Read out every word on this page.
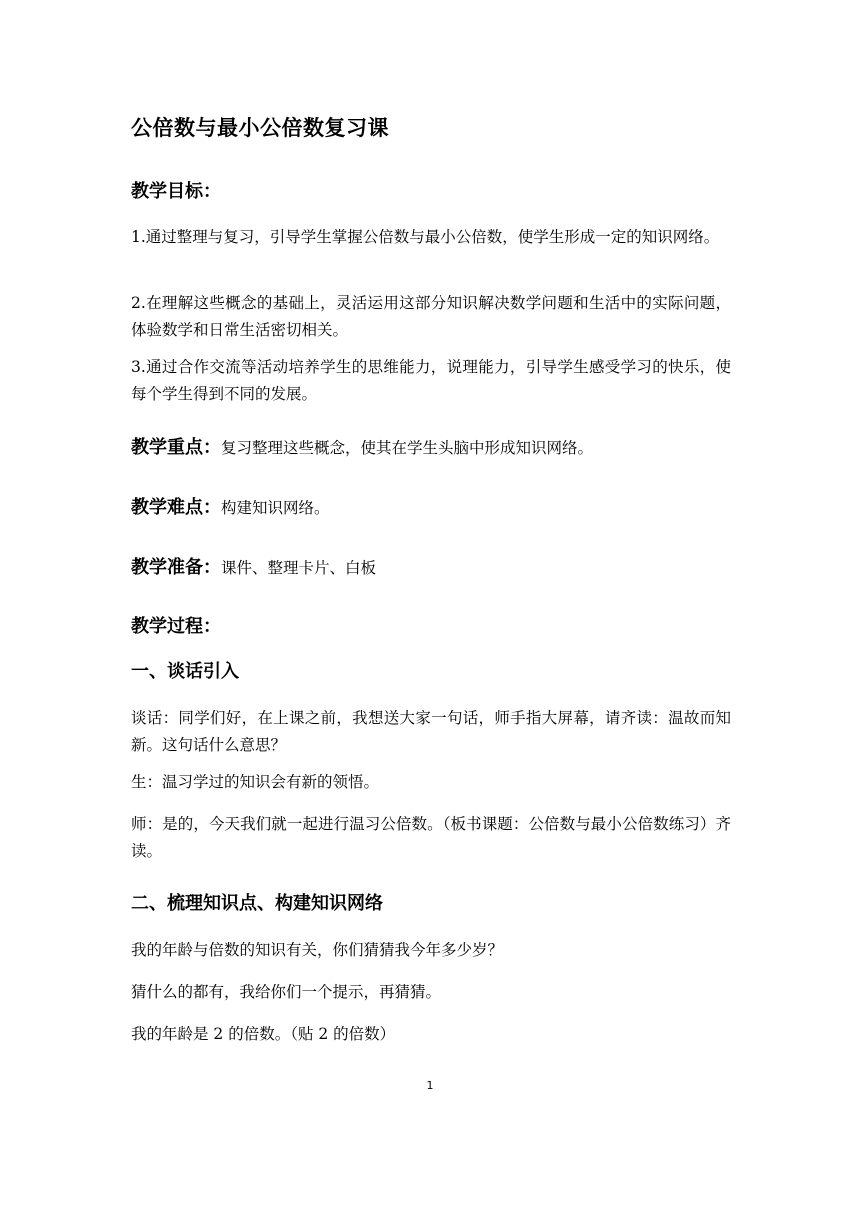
公倍数与最小公倍数复习课
教学目标：
1.通过整理与复习，引导学生掌握公倍数与最小公倍数，使学生形成一定的知识网络。
2.在理解这些概念的基础上，灵活运用这部分知识解决数学问题和生活中的实际问题，体验数学和日常生活密切相关。
3.通过合作交流等活动培养学生的思维能力，说理能力，引导学生感受学习的快乐，使每个学生得到不同的发展。
教学重点：复习整理这些概念，使其在学生头脑中形成知识网络。
教学难点：构建知识网络。
教学准备：课件、整理卡片、白板
教学过程：
一、谈话引入
谈话：同学们好，在上课之前，我想送大家一句话，师手指大屏幕，请齐读：温故而知新。这句话什么意思？
生：温习学过的知识会有新的领悟。
师：是的，今天我们就一起进行温习公倍数。（板书课题：公倍数与最小公倍数练习）齐读。
二、梳理知识点、构建知识网络
我的年龄与倍数的知识有关，你们猜猜我今年多少岁？
猜什么的都有，我给你们一个提示，再猜猜。
我的年龄是 2 的倍数。（贴 2 的倍数）
1
